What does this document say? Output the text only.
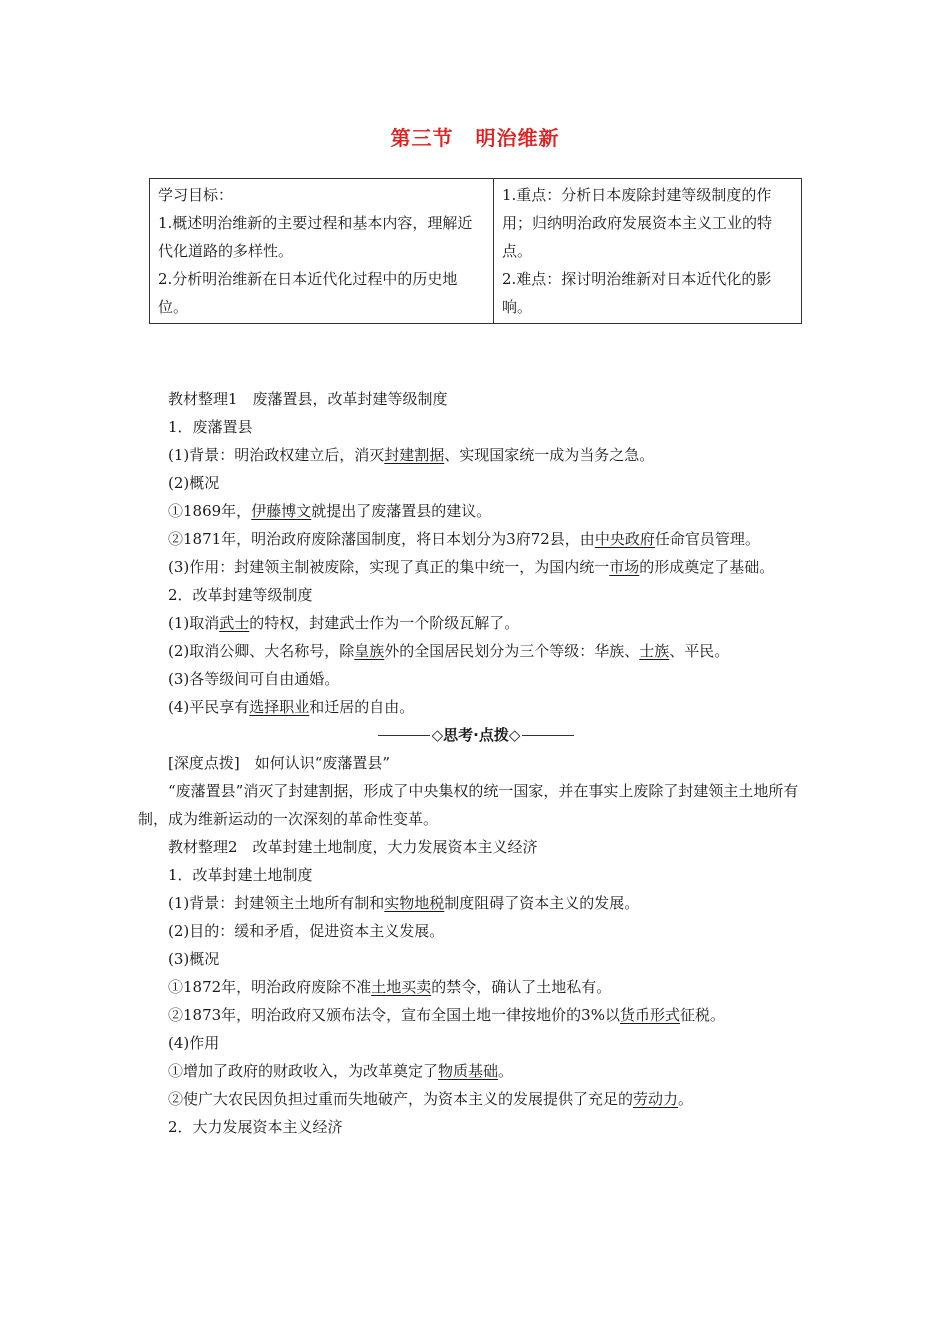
第三节 明治维新
学习目标：
1.概述明治维新的主要过程和基本内容，理解近代化道路的多样性。
2.分析明治维新在日本近代化过程中的历史地位。

1.重点：分析日本废除封建等级制度的作用；归纳明治政府发展资本主义工业的特点。
2.难点：探讨明治维新对日本近代化的影响。

教材整理1　废藩置县，改革封建等级制度

1．废藩置县

(1)背景：明治政权建立后，消灭封建割据、实现国家统一成为当务之急。

(2)概况

①1869年，伊藤博文就提出了废藩置县的建议。

②1871年，明治政府废除藩国制度，将日本划分为3府72县，由中央政府任命官员管理。

(3)作用：封建领主制被废除，实现了真正的集中统一，为国内统一市场的形成奠定了基础。

2．改革封建等级制度

(1)取消武士的特权，封建武士作为一个阶级瓦解了。

(2)取消公卿、大名称号，除皇族外的全国居民划分为三个等级：华族、士族、平民。

(3)各等级间可自由通婚。

(4)平民享有选择职业和迁居的自由。

◇思考·点拨◇

[深度点拨]　如何认识“废藩置县”

“废藩置县”消灭了封建割据，形成了中央集权的统一国家，并在事实上废除了封建领主土地所有制，成为维新运动的一次深刻的革命性变革。

教材整理2　改革封建土地制度，大力发展资本主义经济

1．改革封建土地制度

(1)背景：封建领主土地所有制和实物地税制度阻碍了资本主义的发展。

(2)目的：缓和矛盾，促进资本主义发展。

(3)概况

①1872年，明治政府废除不准土地买卖的禁令，确认了土地私有。

②1873年，明治政府又颁布法令，宣布全国土地一律按地价的3%以货币形式征税。

(4)作用

①增加了政府的财政收入，为改革奠定了物质基础。

②使广大农民因负担过重而失地破产，为资本主义的发展提供了充足的劳动力。

2．大力发展资本主义经济
